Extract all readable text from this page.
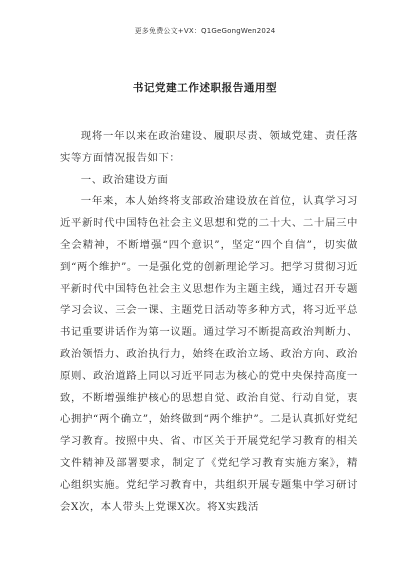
更多免费公文+VX：Q1GeGongWen2024
书记党建工作述职报告通用型

现将一年以来在政治建设、履职尽责、领域党建、责任落实等方面情况报告如下：

一、政治建设方面

一年来，本人始终将支部政治建设放在首位，认真学习习近平新时代中国特色社会主义思想和党的二十大、二十届三中全会精神，不断增强“四个意识”，坚定“四个自信”，切实做到“两个维护”。一是强化党的创新理论学习。把学习贯彻习近平新时代中国特色社会主义思想作为主题主线，通过召开专题学习会议、三会一课、主题党日活动等多种方式，将习近平总书记重要讲话作为第一议题。通过学习不断提高政治判断力、政治领悟力、政治执行力，始终在政治立场、政治方向、政治原则、政治道路上同以习近平同志为核心的党中央保持高度一致，不断增强维护核心的思想自觉、政治自觉、行动自觉，衷心拥护“两个确立”，始终做到“两个维护”。二是认真抓好党纪学习教育。按照中央、省、市区关于开展党纪学习教育的相关文件精神及部署要求，制定了《党纪学习教育实施方案》，精心组织实施。党纪学习教育中，共组织开展专题集中学习研讨会X次，本人带头上党课X次。将X实践活
